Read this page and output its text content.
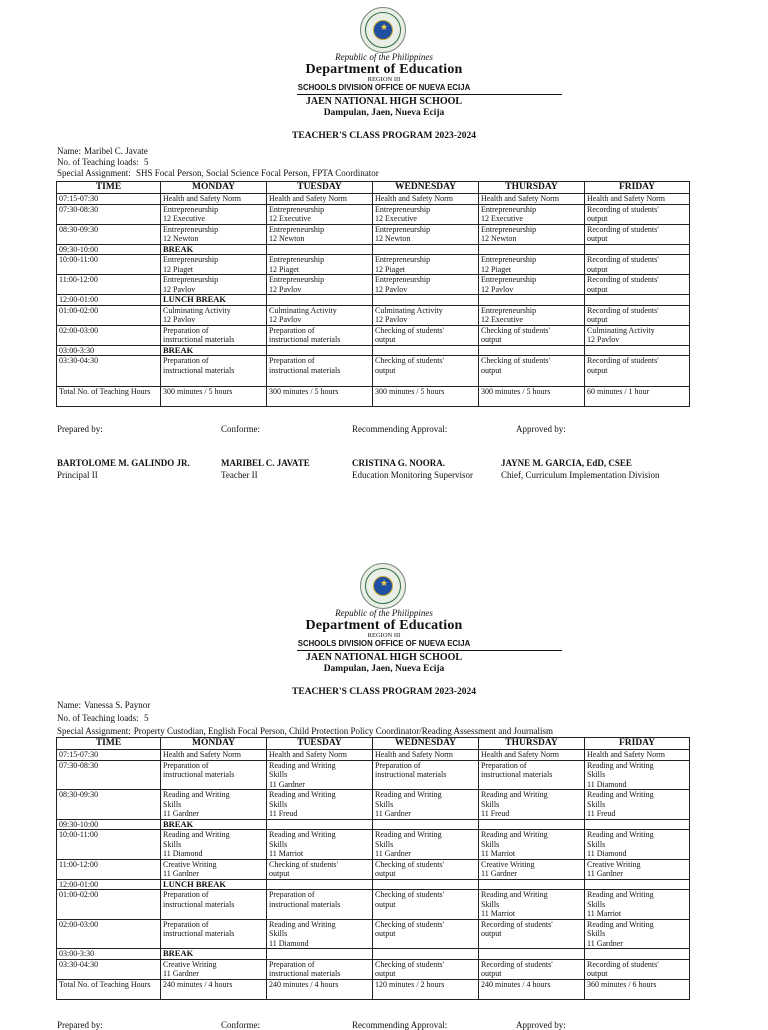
★
Republic of the Philippines
Department of Education
REGION III
SCHOOLS DIVISION OFFICE OF NUEVA ECIJA
JAEN NATIONAL HIGH SCHOOL
Dampulan, Jaen, Nueva Ecija
TEACHER'S CLASS PROGRAM 2023-2024
Name: Maribel C. Javate
No. of Teaching loads: 5
Special Assignment: SHS Focal Person, Social Science Focal Person, FPTA Coordinator
TIME	MONDAY	TUESDAY	WEDNESDAY	THURSDAY	FRIDAY
07:15-07:30	Health and Safety Norm	Health and Safety Norm	Health and Safety Norm	Health and Safety Norm	Health and Safety Norm

07:30-08:30	Entrepreneurship
12 Executive	Entrepreneurship
12 Executive	Entrepreneurship
12 Executive	Entrepreneurship
12 Executive	Recording of students'
output

08:30-09:30	Entrepreneurship
12 Newton	Entrepreneurship
12 Newton	Entrepreneurship
12 Newton	Entrepreneurship
12 Newton	Recording of students'
output

09:30-10:00	BREAK				
10:00-11:00	Entrepreneurship
12 Piaget	Entrepreneurship
12 Piaget	Entrepreneurship
12 Piaget	Entrepreneurship
12 Piaget	Recording of students'
output

11:00-12:00	Entrepreneurship
12 Pavlov	Entrepreneurship
12 Pavlov	Entrepreneurship
12 Pavlov	Entrepreneurship
12 Pavlov	Recording of students'
output

12:00-01:00	LUNCH BREAK				
01:00-02:00	Culminating Activity
12 Pavlov	Culminating Activity
12 Pavlov	Culminating Activity
12 Pavlov	Entrepreneurship
12 Executive	Recording of students'
output

02:00-03:00	Preparation of
instructional materials	Preparation of
instructional materials	Checking of students'
output	Checking of students'
output	Culminating Activity
12 Pavlov

03:00-3:30	BREAK				
03:30-04:30	Preparation of
instructional materials	Preparation of
instructional materials	Checking of students'
output	Checking of students'
output	Recording of students'
output

Total No. of Teaching Hours	300 minutes / 5 hours	300 minutes / 5 hours	300 minutes / 5 hours	300 minutes / 5 hours	60 minutes / 1 hour
Prepared by:	Conforme:	Recommending Approval:	Approved by:
BARTOLOME M. GALINDO JR.	MARIBEL C. JAVATE	CRISTINA G. NOORA.	JAYNE M. GARCIA, EdD, CSEE
Principal II	Teacher II	Education Monitoring Supervisor	Chief, Curriculum Implementation Division
★
Republic of the Philippines
Department of Education
REGION III
SCHOOLS DIVISION OFFICE OF NUEVA ECIJA
JAEN NATIONAL HIGH SCHOOL
Dampulan, Jaen, Nueva Ecija
TEACHER'S CLASS PROGRAM 2023-2024
Name: Vanessa S. Paynor
No. of Teaching loads: 5
Special Assignment: Property Custodian, English Focal Person, Child Protection Policy Coordinator/Reading Assessment and Journalism
TIME	MONDAY	TUESDAY	WEDNESDAY	THURSDAY	FRIDAY
07:15-07:30	Health and Safety Norm	Health and Safety Norm	Health and Safety Norm	Health and Safety Norm	Health and Safety Norm

07:30-08:30	Preparation of
instructional materials	Reading and Writing
Skills
11 Gardner	Preparation of
instructional materials	Preparation of
instructional materials	Reading and Writing
Skills
11 Diamond

08:30-09:30	Reading and Writing
Skills
11 Gardner	Reading and Writing
Skills
11 Freud	Reading and Writing
Skills
11 Gardner	Reading and Writing
Skills
11 Freud	Reading and Writing
Skills
11 Freud

09:30-10:00	BREAK				
10:00-11:00	Reading and Writing
Skills
11 Diamond	Reading and Writing
Skills
11 Marriot	Reading and Writing
Skills
11 Gardner	Reading and Writing
Skills
11 Marriot	Reading and Writing
Skills
11 Diamond

11:00-12:00	Creative Writing
11 Gardner	Checking of students'
output	Checking of students'
output	Creative Writing
11 Gardner	Creative Writing
11 Gardner

12:00-01:00	LUNCH BREAK				
01:00-02:00	Preparation of
instructional materials	Preparation of
instructional materials	Checking of students'
output	Reading and Writing
Skills
11 Marriot	Reading and Writing
Skills
11 Marriot

02:00-03:00	Preparation of
instructional materials	Reading and Writing
Skills
11 Diamond	Checking of students'
output	Recording of students'
output	Reading and Writing
Skills
11 Gardner

03:00-3:30	BREAK				
03:30-04:30	Creative Writing
11 Gardner	Preparation of
instructional materials	Checking of students'
output	Recording of students'
output	Recording of students'
output

Total No. of Teaching Hours	240 minutes / 4 hours	240 minutes / 4 hours	120 minutes / 2 hours	240 minutes / 4 hours	360 minutes / 6 hours
Prepared by:	Conforme:	Recommending Approval:	Approved by:
